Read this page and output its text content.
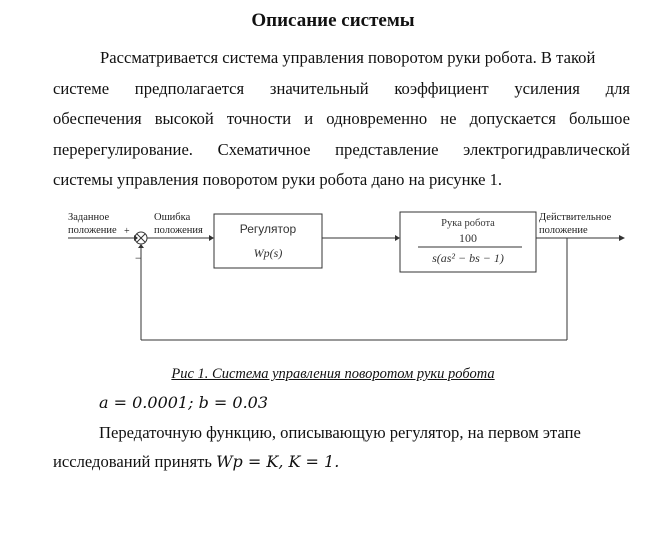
Описание системы
Рассматривается система управления поворотом руки робота. В такой
системе предполагается значительный коэффициент усиления для
обеспечения высокой точности и одновременно не допускается большое
перерегулирование. Схематичное представление электрогидравлической
системы управления поворотом руки робота дано на рисунке 1.
Заданное
положение
Ошибка
положения
+
−
Действительное
положение
Регулятор
Wp(s)
Рука робота
100
s(as² − bs − 1)
Рис 1. Система управления поворотом руки робота
a = 0.0001; b = 0.03
Передаточную функцию, описывающую регулятор, на первом этапе
исследований принять Wp = K, K = 1.
